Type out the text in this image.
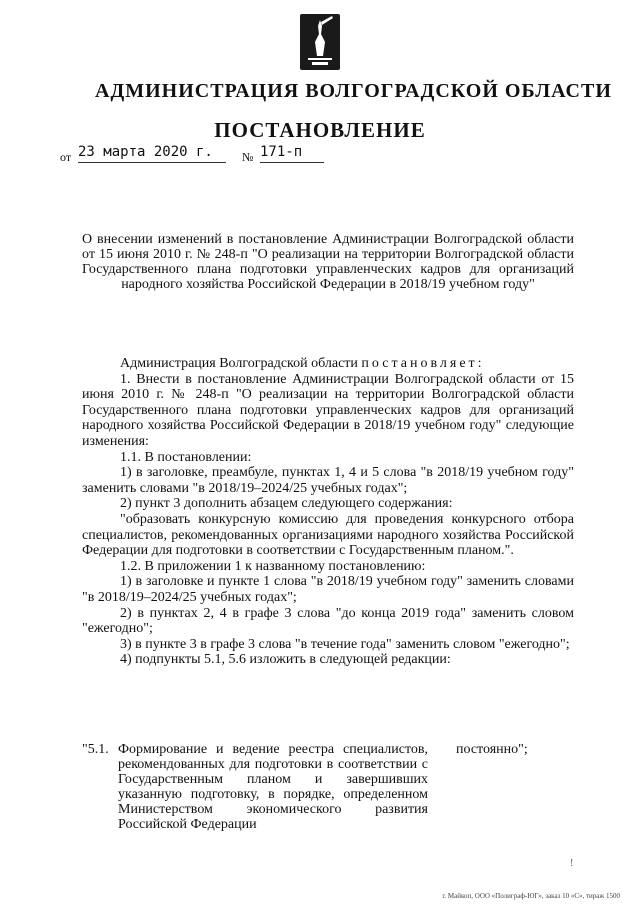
АДМИНИСТРАЦИЯ ВОЛГОГРАДСКОЙ ОБЛАСТИ
ПОСТАНОВЛЕНИЕ
от 23 марта 2020 г.	№ 171-п
О внесении изменений в постановление Администрации Волгоградской области от 15 июня 2010 г. № 248-п "О реализации на территории Волгоградской области Государственного плана подготовки управленческих кадров для организаций народного хозяйства Российской Федерации в 2018/19 учебном году"

Администрация Волгоградской области постановляет:

1. Внести в постановление Администрации Волгоградской области от 15 июня 2010 г. № 248-п "О реализации на территории Волгоградской области Государственного плана подготовки управленческих кадров для организаций народного хозяйства Российской Федерации в 2018/19 учебном году" следующие изменения:

1.1. В постановлении:

1) в заголовке, преамбуле, пунктах 1, 4 и 5 слова "в 2018/19 учебном году" заменить словами "в 2018/19–2024/25 учебных годах";

2) пункт 3 дополнить абзацем следующего содержания:

"образовать конкурсную комиссию для проведения конкурсного отбора специалистов, рекомендованных организациями народного хозяйства Российской Федерации для подготовки в соответствии с Государственным планом.".

1.2. В приложении 1 к названному постановлению:

1) в заголовке и пункте 1 слова "в 2018/19 учебном году" заменить словами "в 2018/19–2024/25 учебных годах";

2) в пунктах 2, 4 в графе 3 слова "до конца 2019 года" заменить словом "ежегодно";

3) в пункте 3 в графе 3 слова "в течение года" заменить словом "ежегодно";

4) подпункты 5.1, 5.6 изложить в следующей редакции:

"5.1. Формирование и ведение реестра специалистов, рекомендованных для подготовки в соответствии с Государственным планом и завершивших указанную подготовку, в порядке, определенном Министерством экономического развития Российской Федерации
постоянно";
!
г. Майкоп, ООО «Полиграф-ЮГ», заказ 10 «С», тираж 1500
